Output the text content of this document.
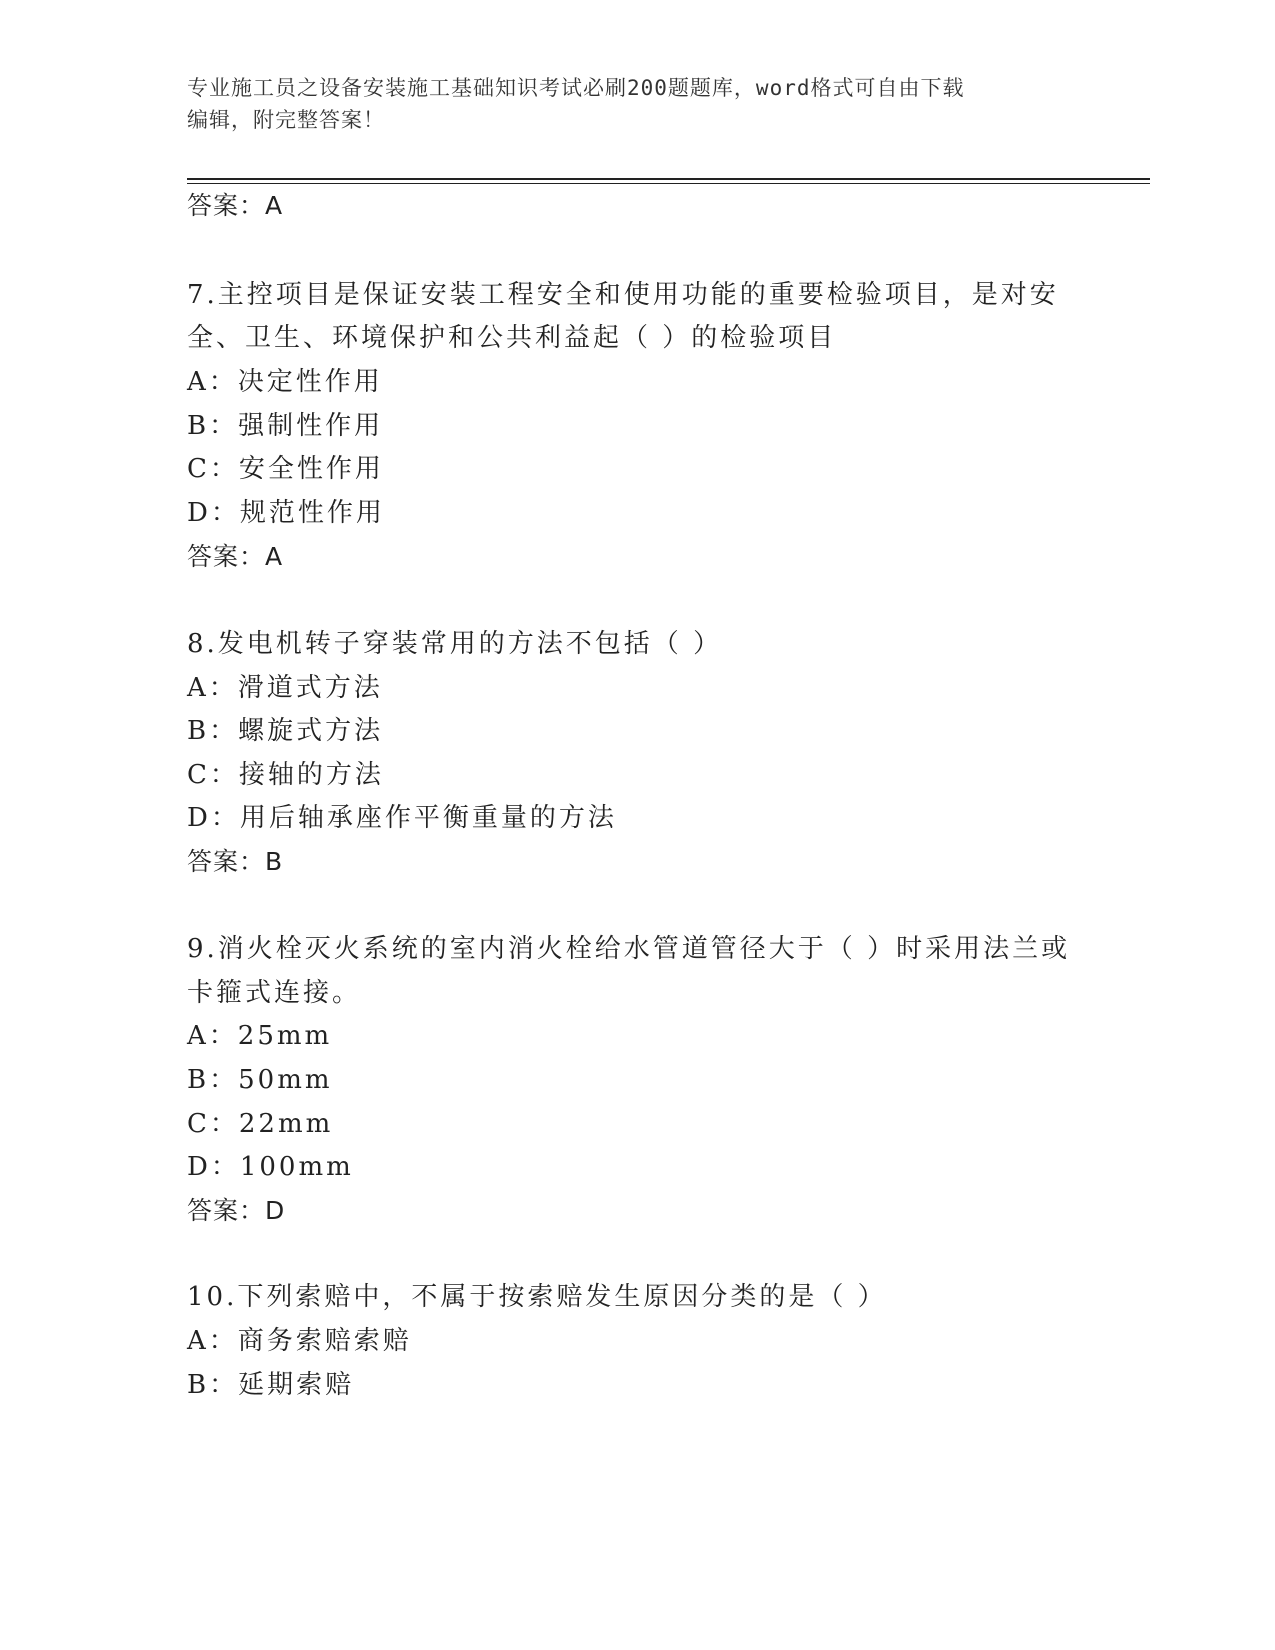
专业施工员之设备安装施工基础知识考试必刷200题题库，word格式可自由下载
编辑，附完整答案！
答案：A
7.主控项目是保证安装工程安全和使用功能的重要检验项目，是对安
全、卫生、环境保护和公共利益起（ ）的检验项目
A：决定性作用
B：强制性作用
C：安全性作用
D：规范性作用
答案：A
8.发电机转子穿装常用的方法不包括（ ）
A：滑道式方法
B：螺旋式方法
C：接轴的方法
D：用后轴承座作平衡重量的方法
答案：B
9.消火栓灭火系统的室内消火栓给水管道管径大于（ ）时采用法兰或
卡箍式连接。
A：25mm
B：50mm
C：22mm
D：100mm
答案：D
10.下列索赔中，不属于按索赔发生原因分类的是（ ）
A：商务索赔索赔
B：延期索赔
